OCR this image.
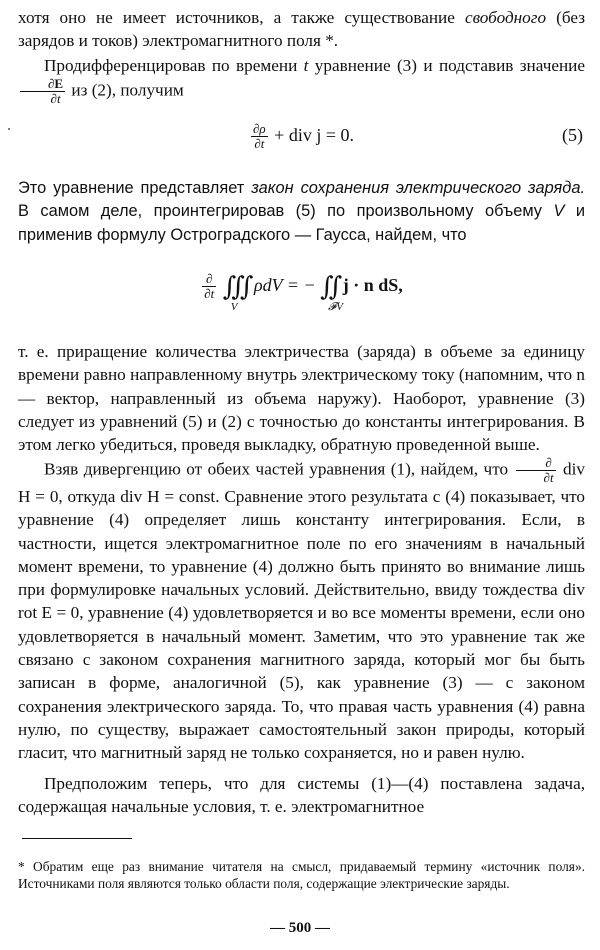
хотя оно не имеет источников, а также существование свободного (без зарядов и токов) электромагнитного поля *.

Продифференцировав по времени t уравнение (3) и подставив значение
$\frac{\partial E}{\partial t}$ из (2), получим

$\frac{\partial\rho}{\partial t}$ + div j = 0.	(5)

Это уравнение представляет закон сохранения электрического заряда. В самом деле, проинтегрировав (5) по произвольному объему V и применив формулу Остроградского — Гаусса, найдем, что

$\frac{\partial}{\partial t}$ ∭
V
ρdV = − ∬
𝓕V
j · n dS,

т. е. приращение количества электричества (заряда) в объеме за единицу времени равно направленному внутрь электрическому току (напомним, что n — вектор, направленный из объема наружу). Наоборот, уравнение (3) следует из уравнений (5) и (2) с точностью до константы интегрирования. В этом легко убедиться, проведя выкладку, обратную проведенной выше.

Взяв дивергенцию от обеих частей уравнения (1), найдем, что $\frac{\partial}{\partial t}$ div H = 0, откуда div H = const. Сравнение этого результата с (4) показывает, что уравнение (4) определяет лишь константу интегрирования. Если, в частности, ищется электромагнитное поле по его значениям в начальный момент времени, то уравнение (4) должно быть принято во внимание лишь при формулировке начальных условий. Действительно, ввиду тождества div rot E = 0, уравнение (4) удовлетворяется и во все моменты времени, если оно удовлетворяется в начальный момент. Заметим, что это уравнение так же связано с законом сохранения магнитного заряда, который мог бы быть записан в форме, аналогичной (5), как уравнение (3) — с законом сохранения электрического заряда. То, что правая часть уравнения (4) равна нулю, по существу, выражает самостоятельный закон природы, который гласит, что магнитный заряд не только сохраняется, но и равен нулю.

Предположим теперь, что для системы (1)—(4) поставлена задача, содержащая начальные условия, т. е. электромагнитное

* Обратим еще раз внимание читателя на смысл, придаваемый термину «источник поля». Источниками поля являются только области поля, содержащие электрические заряды.

— 500 —
